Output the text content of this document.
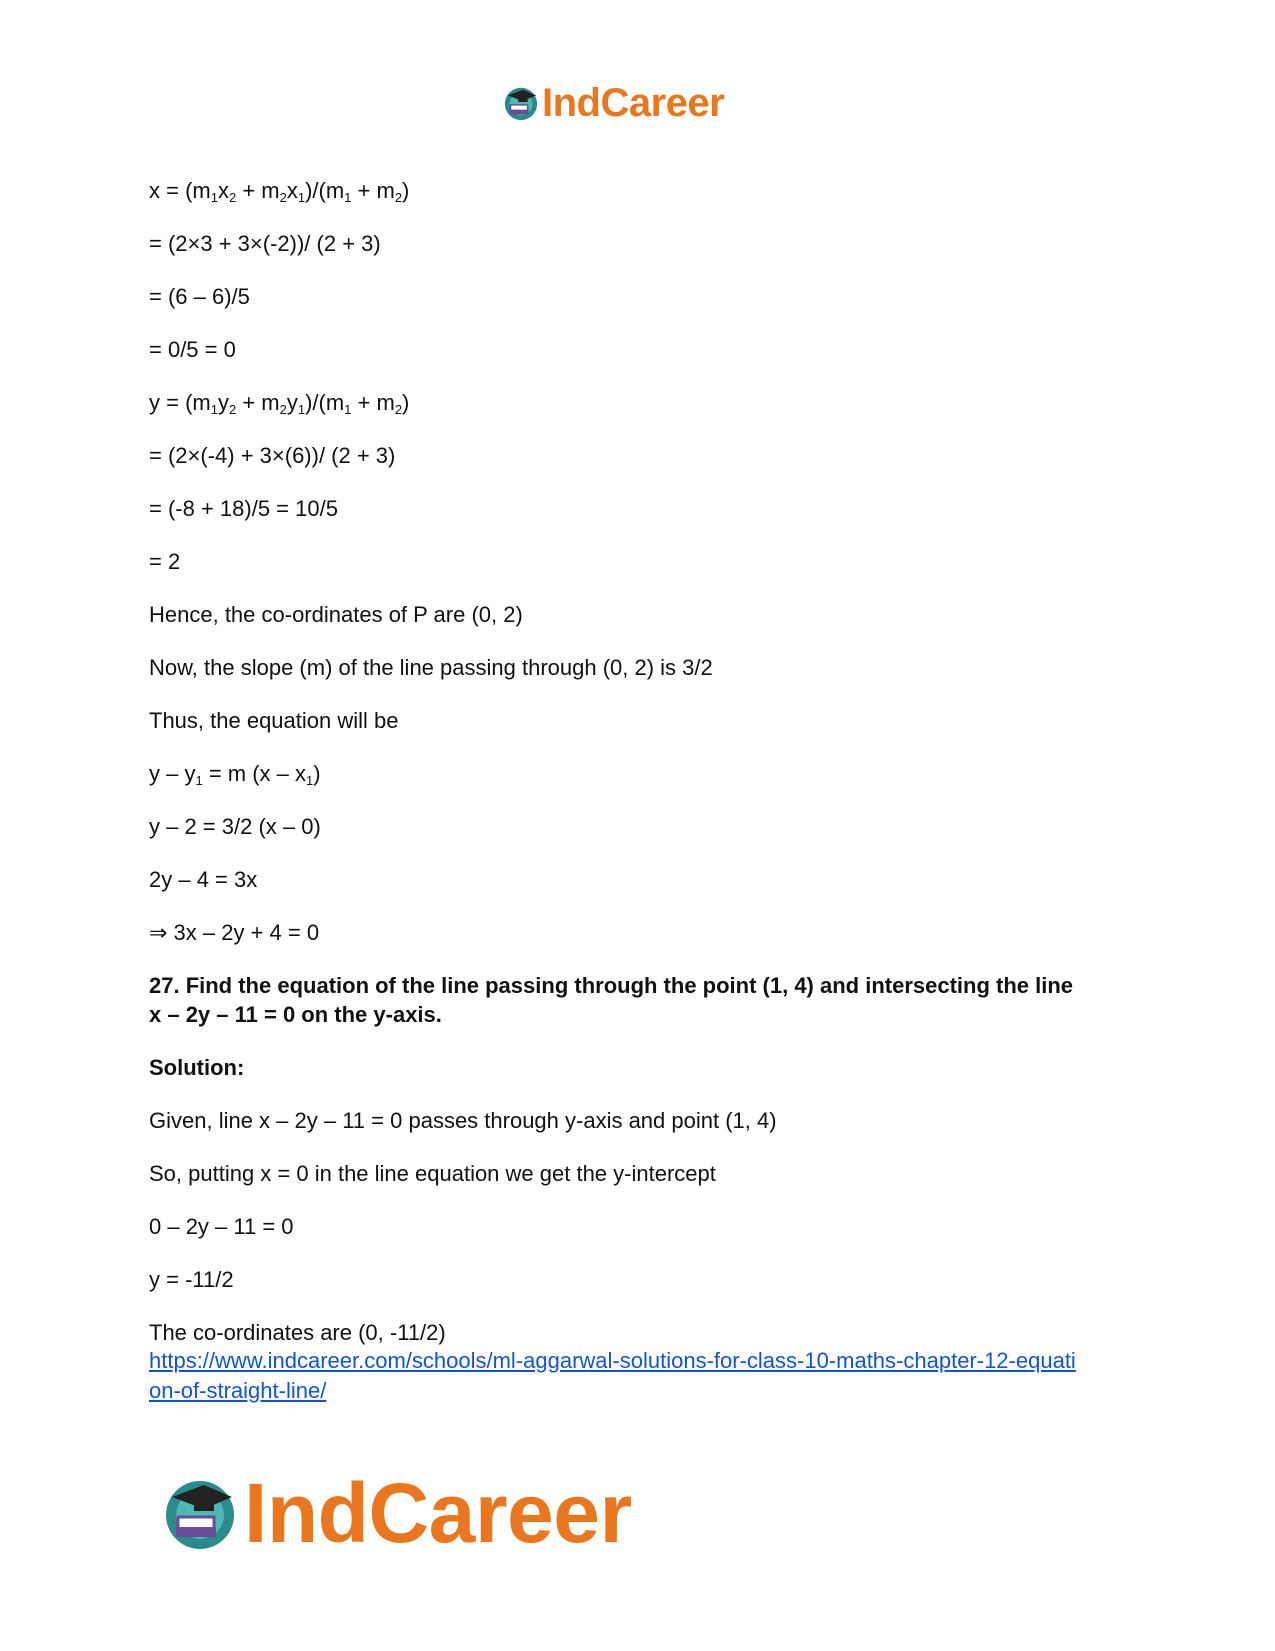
IndCareer
$x = (m_1x_2 + m_2x_1)/(m_1 + m_2)$
= (2×3 + 3×(-2))/ (2 + 3)
= (6 – 6)/5
= 0/5 = 0
$y = (m_1y_2 + m_2y_1)/(m_1 + m_2)$
= (2×(-4) + 3×(6))/ (2 + 3)
= (-8 + 18)/5 = 10/5
= 2
Hence, the co-ordinates of P are (0, 2)
Now, the slope (m) of the line passing through (0, 2) is 3/2
Thus, the equation will be
$y - y_1 = m$ $(x - x_1)$
y – 2 = 3/2 (x – 0)
2y – 4 = 3x
⇒ 3x – 2y + 4 = 0
27. Find the equation of the line passing through the point (1, 4) and intersecting the line
x – 2y – 11 = 0 on the y-axis.
Solution:
Given, line x – 2y – 11 = 0 passes through y-axis and point (1, 4)
So, putting x = 0 in the line equation we get the y-intercept
0 – 2y – 11 = 0
y = -11/2
The co-ordinates are (0, -11/2)
https://www.indcareer.com/schools/ml-aggarwal-solutions-for-class-10-maths-chapter-12-equati
on-of-straight-line/
IndCareer
